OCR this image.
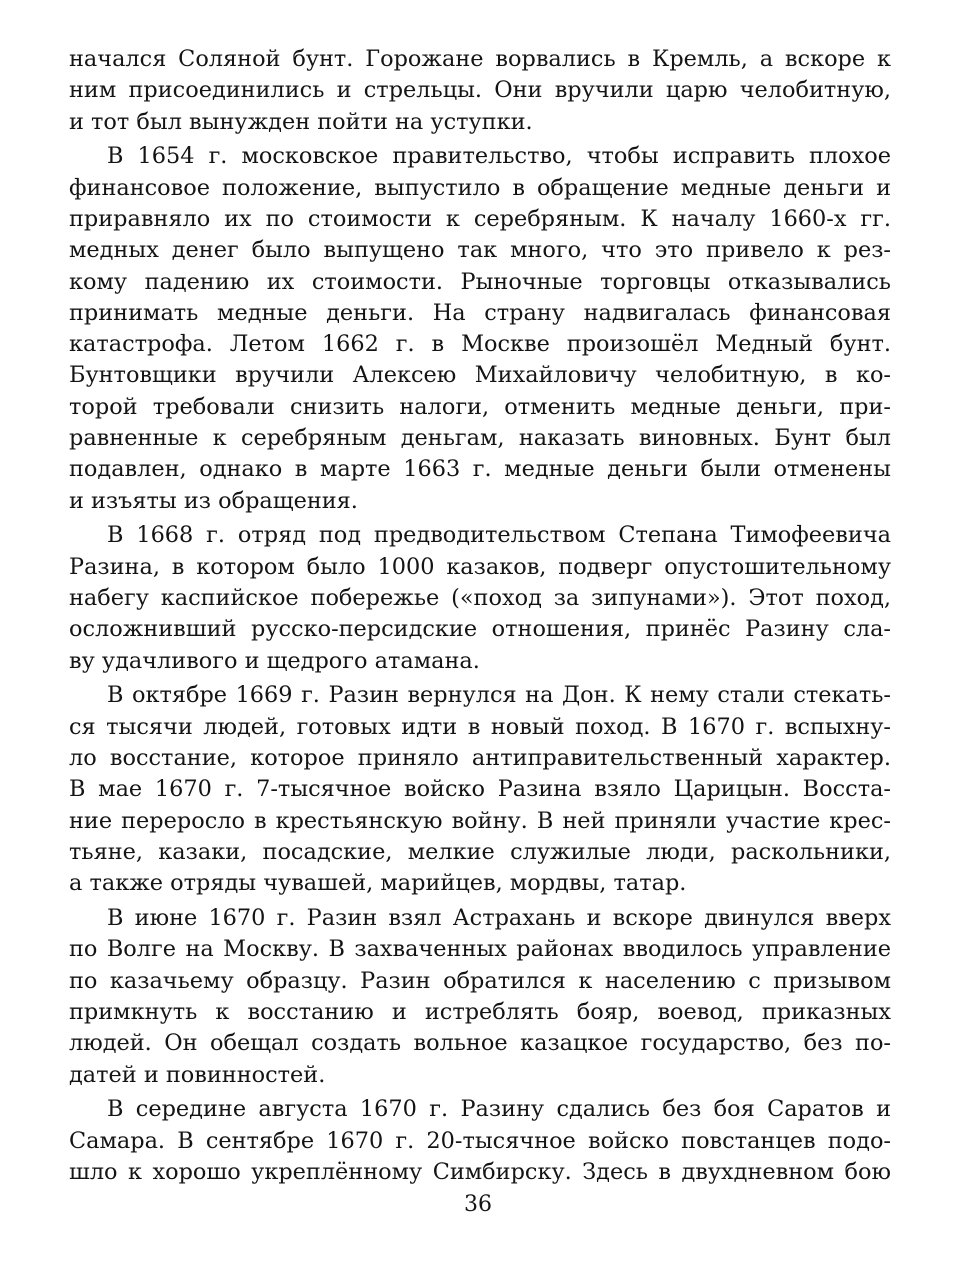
начался Соляной бунт. Горожане ворвались в Кремль, а вскоре к
ним присоединились и стрельцы. Они вручили царю челобитную,
и тот был вынужден пойти на уступки.
В 1654 г. московское правительство, чтобы исправить плохое
финансовое положение, выпустило в обращение медные деньги и
приравняло их по стоимости к серебряным. К началу 1660-х гг.
медных денег было выпущено так много, что это привело к рез-
кому падению их стоимости. Рыночные торговцы отказывались
принимать медные деньги. На страну надвигалась финансовая
катастрофа. Летом 1662 г. в Москве произошёл Медный бунт.
Бунтовщики вручили Алексею Михайловичу челобитную, в ко-
торой требовали снизить налоги, отменить медные деньги, при-
равненные к серебряным деньгам, наказать виновных. Бунт был
подавлен, однако в марте 1663 г. медные деньги были отменены
и изъяты из обращения.
В 1668 г. отряд под предводительством Степана Тимофеевича
Разина, в котором было 1000 казаков, подверг опустошительному
набегу каспийское побережье («поход за зипунами»). Этот поход,
осложнивший русско-персидские отношения, принёс Разину сла-
ву удачливого и щедрого атамана.
В октябре 1669 г. Разин вернулся на Дон. К нему стали стекать-
ся тысячи людей, готовых идти в новый поход. В 1670 г. вспыхну-
ло восстание, которое приняло антиправительственный характер.
В мае 1670 г. 7-тысячное войско Разина взяло Царицын. Восста-
ние переросло в крестьянскую войну. В ней приняли участие крес-
тьяне, казаки, посадские, мелкие служилые люди, раскольники,
а также отряды чувашей, марийцев, мордвы, татар.
В июне 1670 г. Разин взял Астрахань и вскоре двинулся вверх
по Волге на Москву. В захваченных районах вводилось управление
по казачьему образцу. Разин обратился к населению с призывом
примкнуть к восстанию и истреблять бояр, воевод, приказных
людей. Он обещал создать вольное казацкое государство, без по-
датей и повинностей.
В середине августа 1670 г. Разину сдались без боя Саратов и
Самара. В сентябре 1670 г. 20-тысячное войско повстанцев подо-
шло к хорошо укреплённому Симбирску. Здесь в двухдневном бою
36
